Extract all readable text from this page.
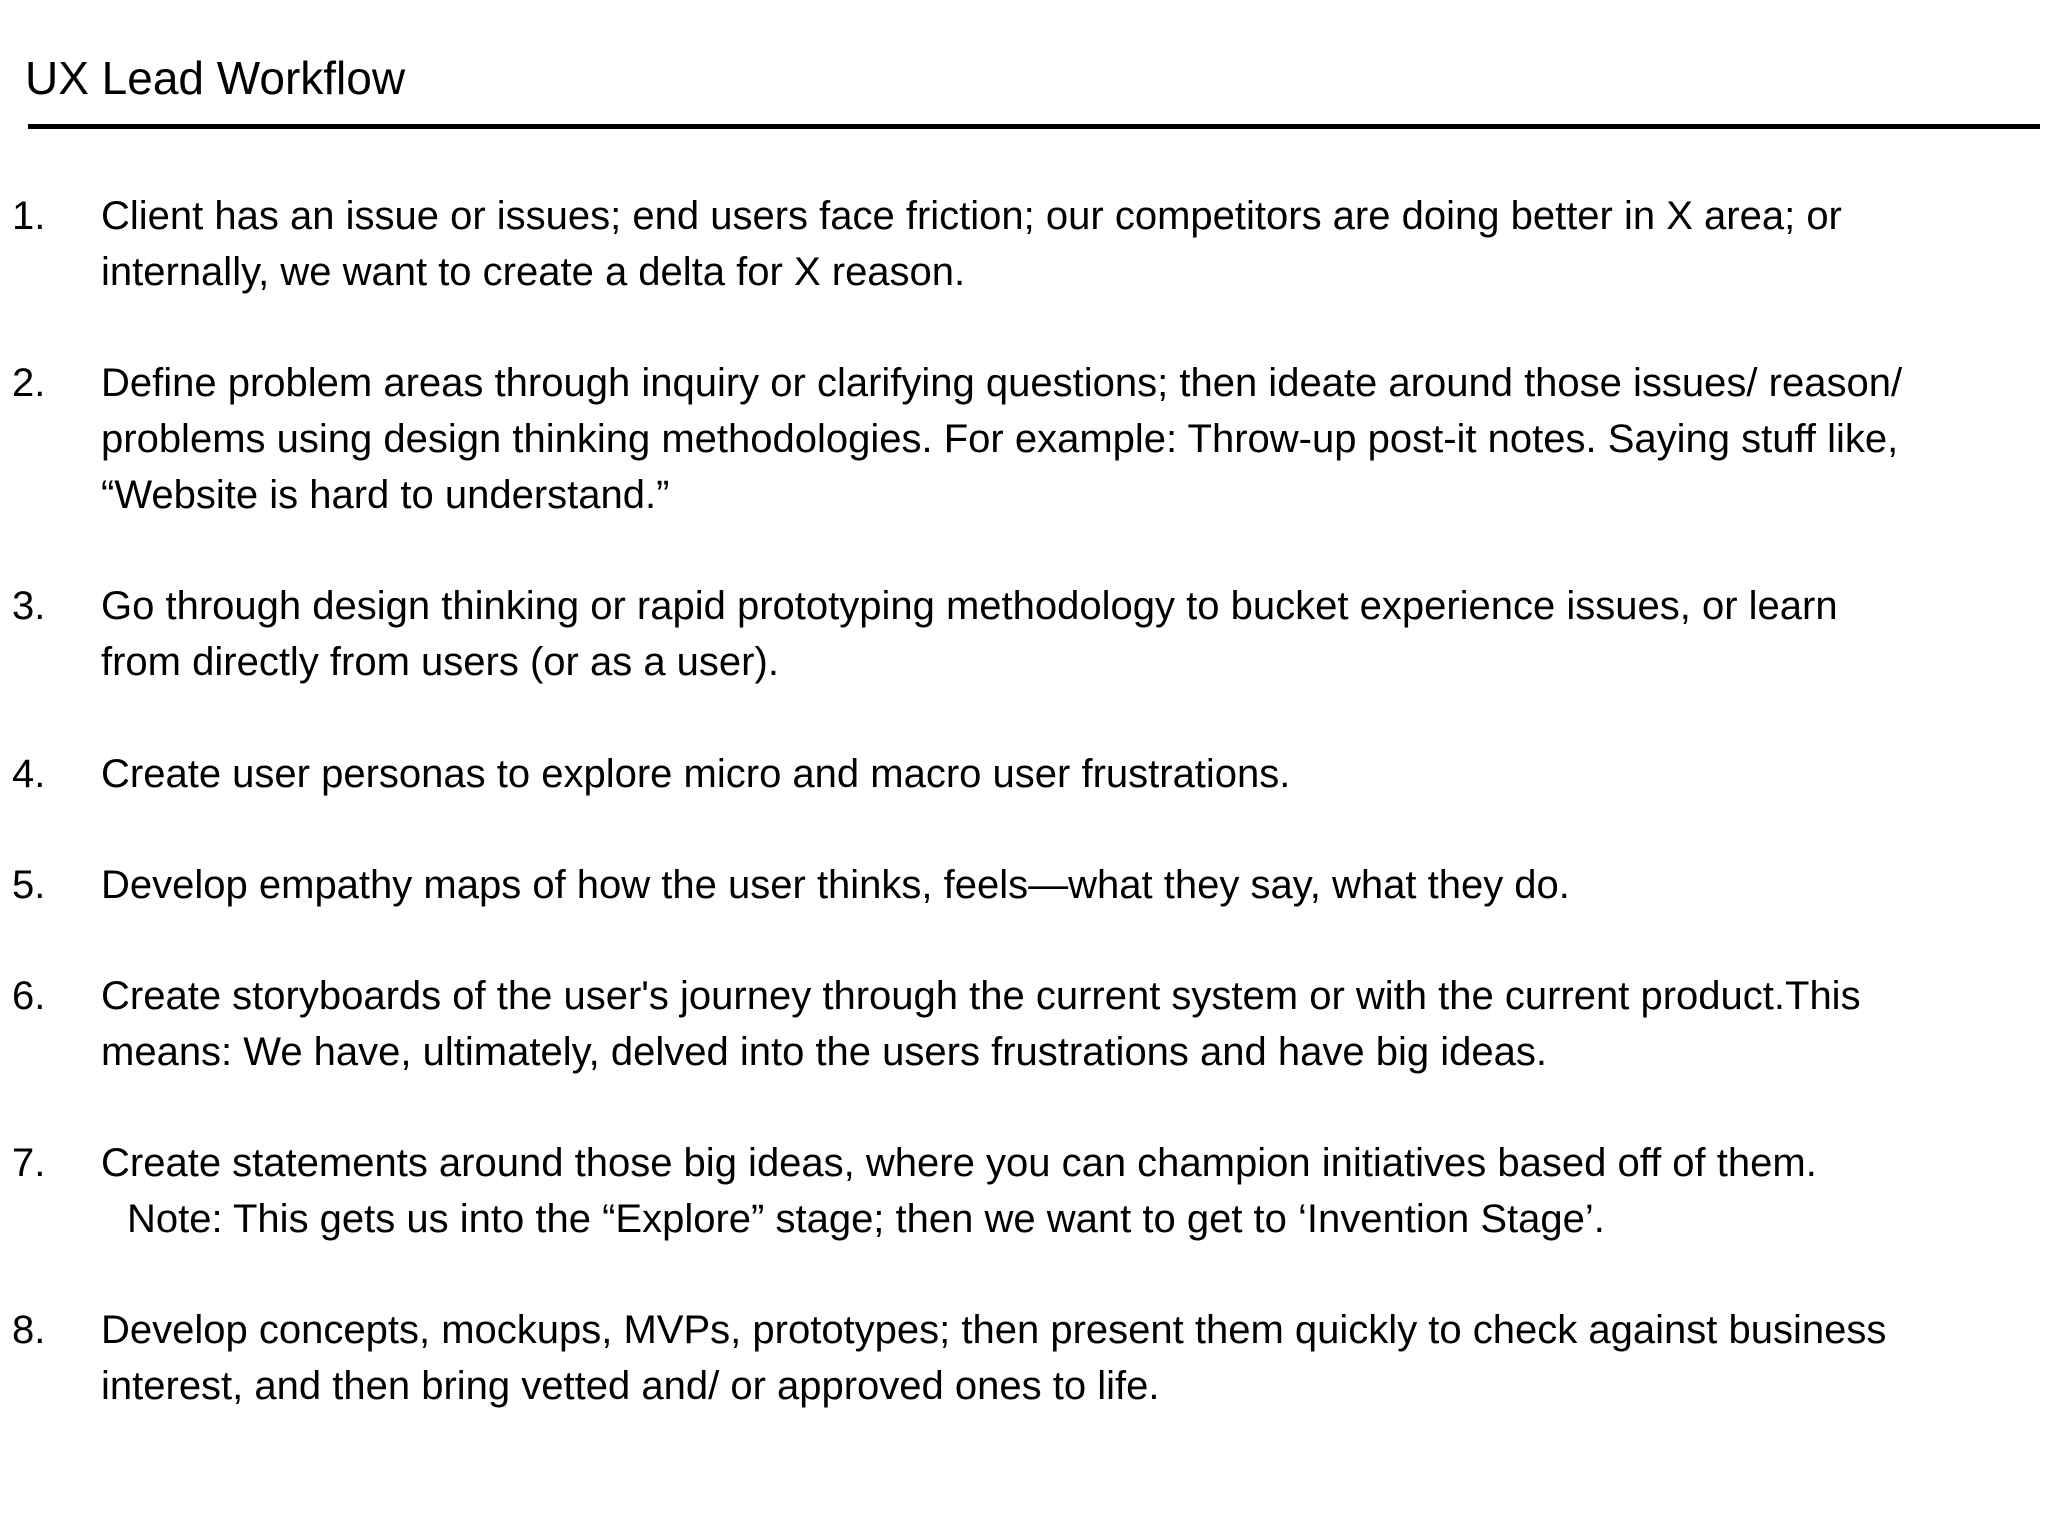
UX Lead Workflow
1. Client has an issue or issues; end users face friction; our competitors are doing better in X area; or
internally, we want to create a delta for X reason.
2. Define problem areas through inquiry or clarifying questions; then ideate around those issues/ reason/
problems using design thinking methodologies. For example: Throw-up post-it notes. Saying stuff like,
“Website is hard to understand.”
3. Go through design thinking or rapid prototyping methodology to bucket experience issues, or learn
from directly from users (or as a user).
4. Create user personas to explore micro and macro user frustrations.
5. Develop empathy maps of how the user thinks, feels—what they say, what they do.
6. Create storyboards of the user's journey through the current system or with the current product.This
means: We have, ultimately, delved into the users frustrations and have big ideas.
7. Create statements around those big ideas, where you can champion initiatives based off of them.
Note: This gets us into the “Explore” stage; then we want to get to ‘Invention Stage’.
8. Develop concepts, mockups, MVPs, prototypes; then present them quickly to check against business
interest, and then bring vetted and/ or approved ones to life.
